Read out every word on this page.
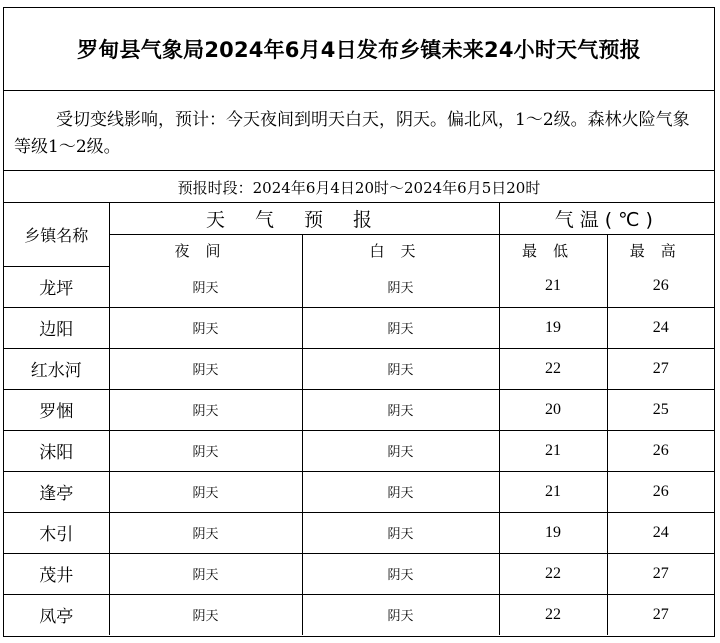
罗甸县气象局2024年6月4日发布乡镇未来24小时天气预报
受切变线影响，预计：今天夜间到明天白天，阴天。偏北风，1～2级。森林火险气象等级1～2级。
预报时段：2024年6月4日20时～2024年6月5日20时
乡镇名称	天气预报		气温(℃)	
	夜间	白天	最低	最高
龙坪	阴天	阴天	21	26
边阳	阴天	阴天	19	24
红水河	阴天	阴天	22	27
罗悃	阴天	阴天	20	25
沫阳	阴天	阴天	21	26
逢亭	阴天	阴天	21	26
木引	阴天	阴天	19	24
茂井	阴天	阴天	22	27
凤亭	阴天	阴天	22	27
